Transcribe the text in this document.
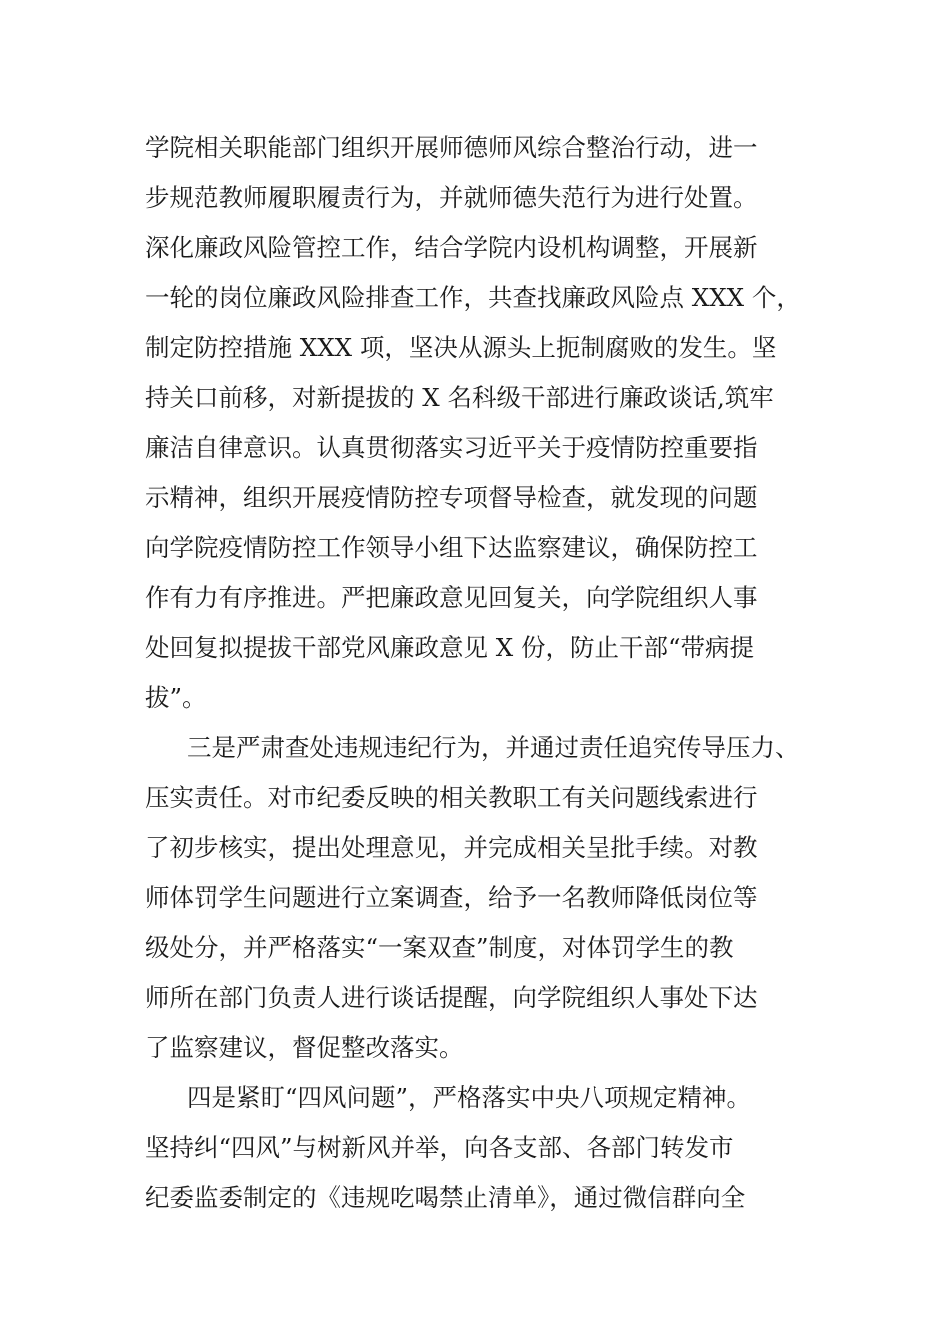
学院相关职能部门组织开展师德师风综合整治行动，进一
步规范教师履职履责行为，并就师德失范行为进行处置。
深化廉政风险管控工作，结合学院内设机构调整，开展新
一轮的岗位廉政风险排查工作，共查找廉政风险点 XXX 个，
制定防控措施 XXX 项，坚决从源头上扼制腐败的发生。坚
持关口前移，对新提拔的 X 名科级干部进行廉政谈话,筑牢
廉洁自律意识。认真贯彻落实习近平关于疫情防控重要指
示精神，组织开展疫情防控专项督导检查，就发现的问题
向学院疫情防控工作领导小组下达监察建议，确保防控工
作有力有序推进。严把廉政意见回复关，向学院组织人事
处回复拟提拔干部党风廉政意见 X 份，防止干部“带病提
拔”。
三是严肃查处违规违纪行为，并通过责任追究传导压力、
压实责任。对市纪委反映的相关教职工有关问题线索进行
了初步核实，提出处理意见，并完成相关呈批手续。对教
师体罚学生问题进行立案调查，给予一名教师降低岗位等
级处分，并严格落实“一案双查”制度，对体罚学生的教
师所在部门负责人进行谈话提醒，向学院组织人事处下达
了监察建议，督促整改落实。
四是紧盯“四风问题”，严格落实中央八项规定精神。
坚持纠“四风”与树新风并举，向各支部、各部门转发市
纪委监委制定的《违规吃喝禁止清单》，通过微信群向全
